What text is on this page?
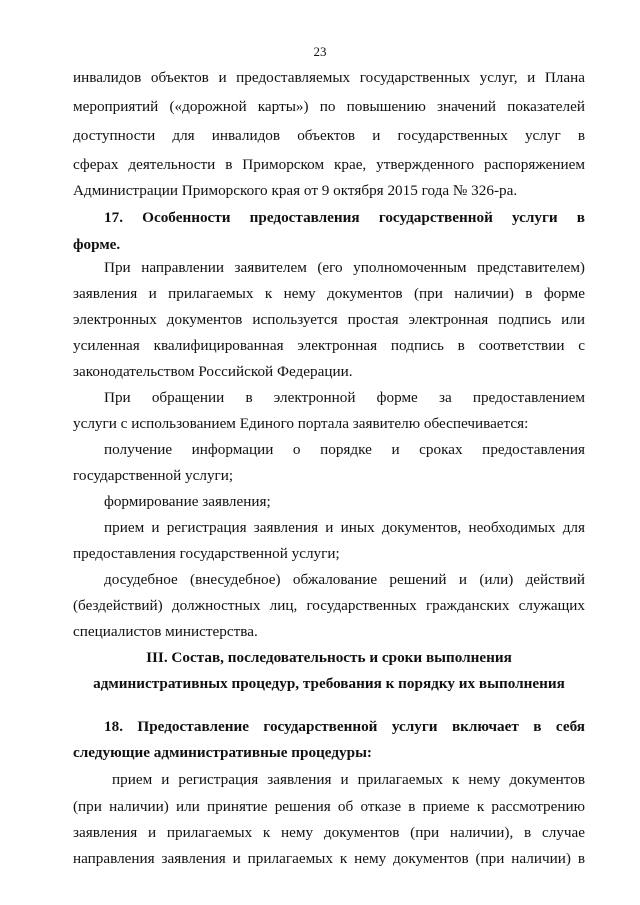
23
инвалидов объектов и предоставляемых государственных услуг, и Плана
мероприятий («дорожной карты») по повышению значений показателей
доступности для инвалидов объектов и государственных услуг в
сферах деятельности в Приморском крае, утвержденного распоряжением
Администрации Приморского края от 9 октября 2015 года № 326-ра.
17. Особенности предоставления государственной услуги в
форме.
При направлении заявителем (его уполномоченным представителем)
заявления и прилагаемых к нему документов (при наличии) в форме
электронных документов используется простая электронная подпись или
усиленная квалифицированная электронная подпись в соответствии с
законодательством Российской Федерации.
При обращении в электронной форме за предоставлением
услуги с использованием Единого портала заявителю обеспечивается:
получение информации о порядке и сроках предоставления
государственной услуги;
формирование заявления;
прием и регистрация заявления и иных документов, необходимых для
предоставления государственной услуги;
досудебное (внесудебное) обжалование решений и (или) действий
(бездействий) должностных лиц, государственных гражданских служащих
специалистов министерства.
III. Состав, последовательность и сроки выполнения
административных процедур, требования к порядку их выполнения
18. Предоставление государственной услуги включает в себя
следующие административные процедуры:
прием и регистрация заявления и прилагаемых к нему документов
(при наличии) или принятие решения об отказе в приеме к рассмотрению
заявления и прилагаемых к нему документов (при наличии), в случае
направления заявления и прилагаемых к нему документов (при наличии) в
